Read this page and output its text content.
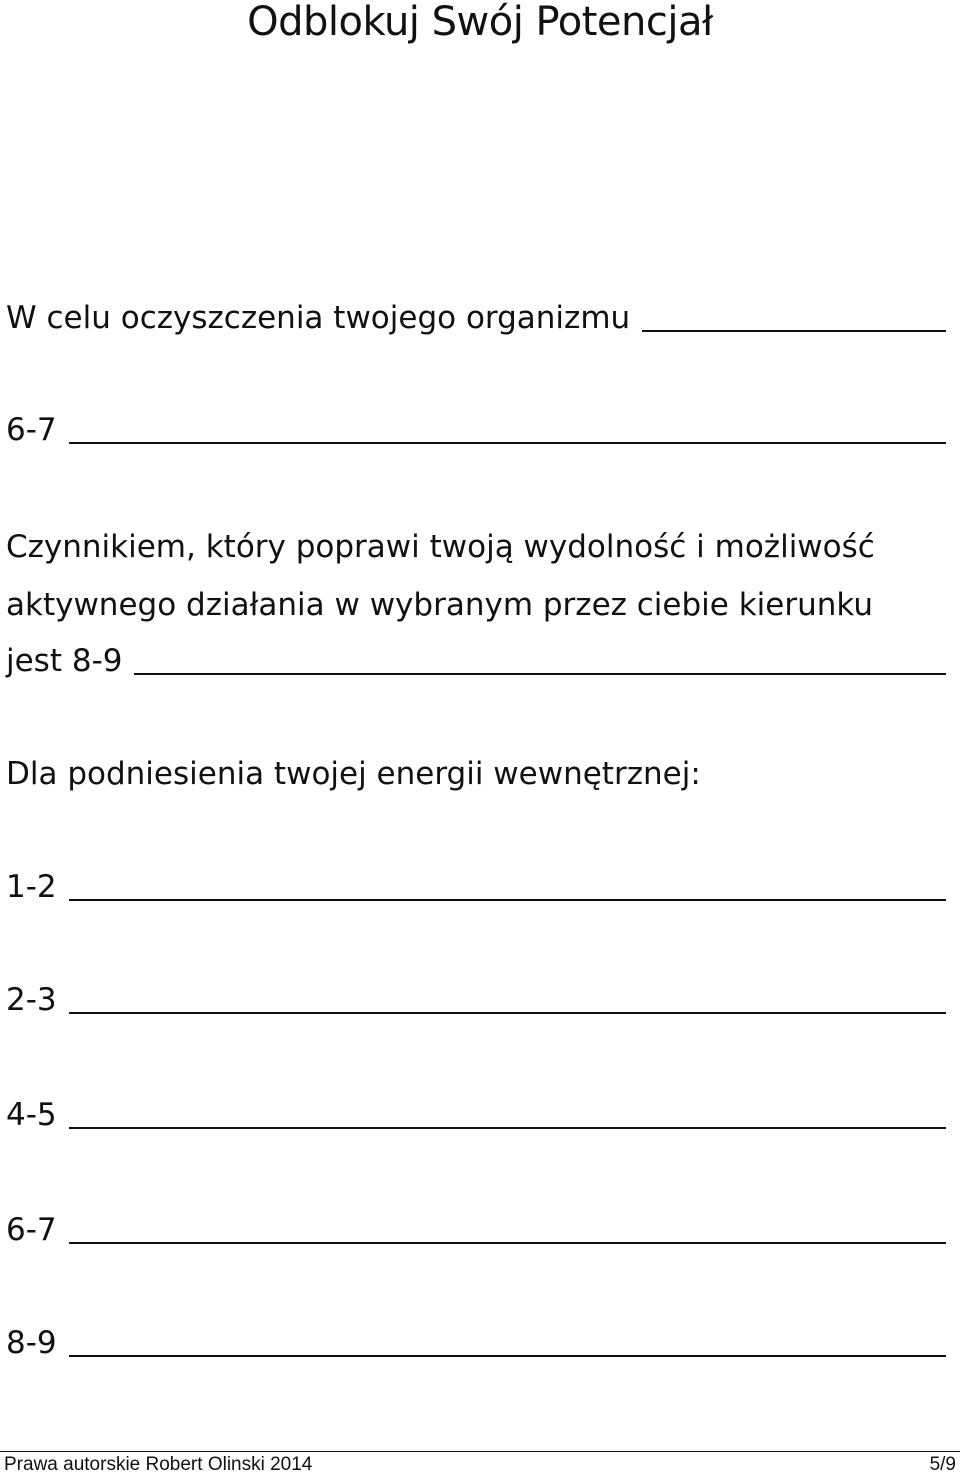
Odblokuj Swój Potencjał
W celu oczyszczenia twojego organizmu
6-7
Czynnikiem, który poprawi twoją wydolność i możliwość
aktywnego działania w wybranym przez ciebie kierunku
jest 8-9
Dla podniesienia twojej energii wewnętrznej:
1-2
2-3
4-5
6-7
8-9
Prawa autorskie Robert Olinski 2014	5/9
